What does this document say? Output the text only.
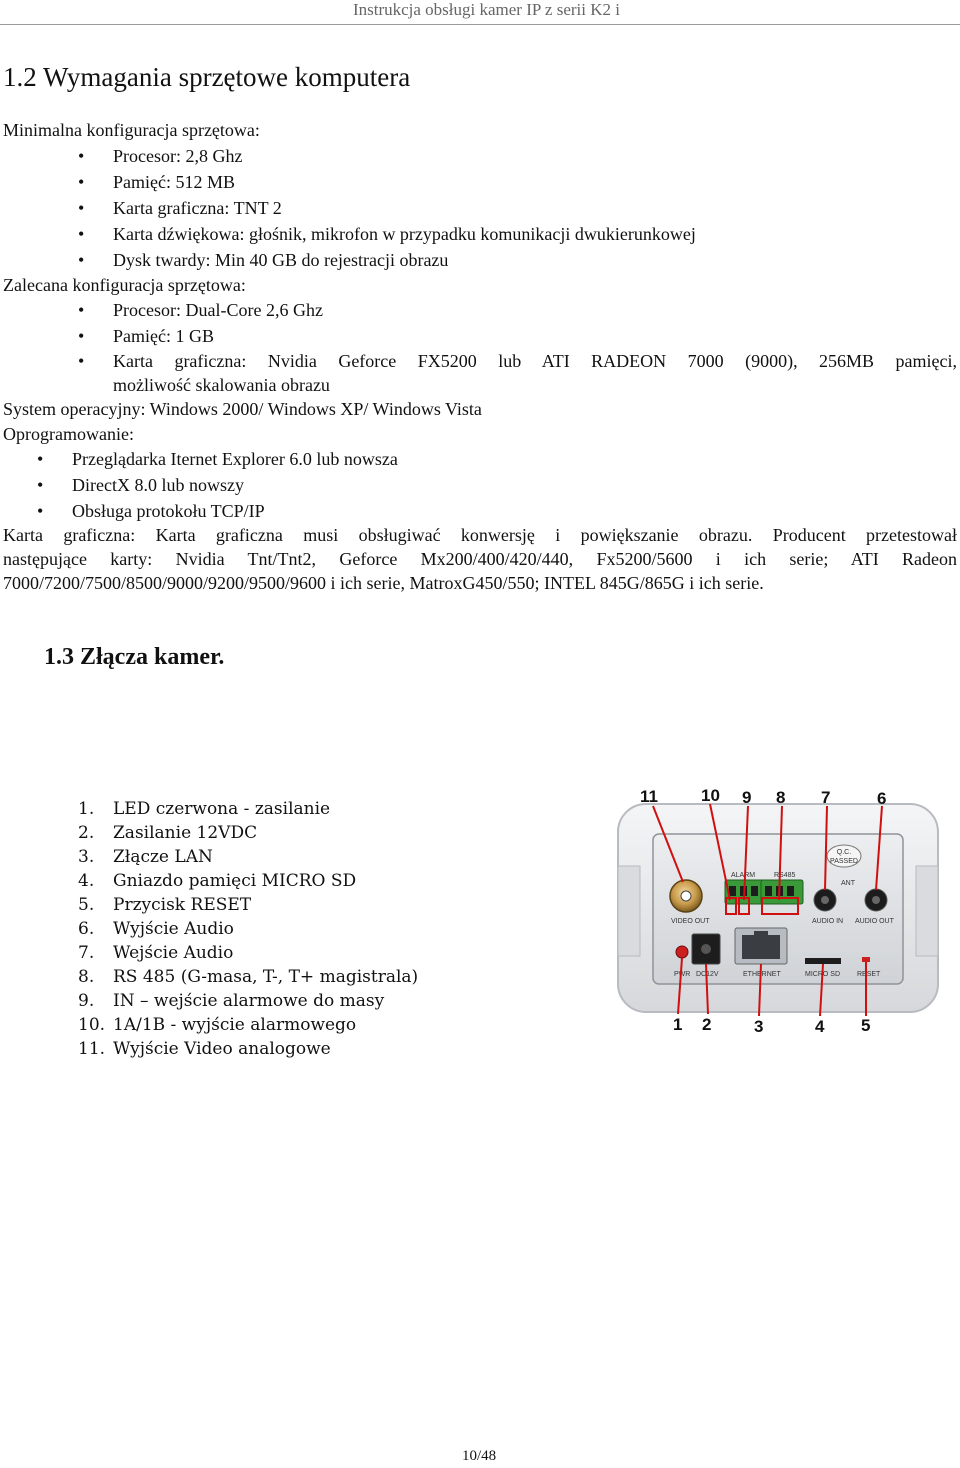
Instrukcja obsługi kamer IP z serii K2 i
1.2 Wymagania sprzętowe komputera
Minimalna konfiguracja sprzętowa:
• Procesor: 2,8 Ghz
• Pamięć: 512 MB
• Karta graficzna: TNT 2
• Karta dźwiękowa: głośnik, mikrofon w przypadku komunikacji dwukierunkowej
• Dysk twardy: Min 40 GB do rejestracji obrazu
Zalecana konfiguracja sprzętowa:
• Procesor: Dual-Core 2,6 Ghz
• Pamięć: 1 GB
• Karta graficzna: Nvidia Geforce FX5200 lub ATI RADEON 7000 (9000), 256MB pamięci,
możliwość skalowania obrazu
System operacyjny: Windows 2000/ Windows XP/ Windows Vista
Oprogramowanie:
• Przeglądarka Iternet Explorer 6.0 lub nowsza
• DirectX 8.0 lub nowszy
• Obsługa protokołu TCP/IP
Karta graficzna: Karta graficzna musi obsługiwać konwersję i powiększanie obrazu. Producent przetestował
następujące karty: Nvidia Tnt/Tnt2, Geforce Mx200/400/420/440, Fx5200/5600 i ich serie; ATI Radeon
7000/7200/7500/8500/9000/9200/9500/9600 i ich serie, MatroxG450/550; INTEL 845G/865G i ich serie.
1.3 Złącza kamer.
1. LED czerwona - zasilanie
2. Zasilanie 12VDC
3. Złącze LAN
4. Gniazdo pamięci MICRO SD
5. Przycisk RESET
6. Wyjście Audio
7. Wejście Audio
8. RS 485 (G-masa, T-, T+ magistrala)
9. IN – wejście alarmowe do masy
10. 1A/1B - wyjście alarmowego
11. Wyjście Video analogowe
Q.C.
PASSED
ALARM	RS485
VIDEO OUT
ANT
AUDIO IN AUDIO OUT
PWR DC12V	ETHERNET	MICRO SD RESET
11	10 9 8 7	6
1 2	3	4 5
10/48
